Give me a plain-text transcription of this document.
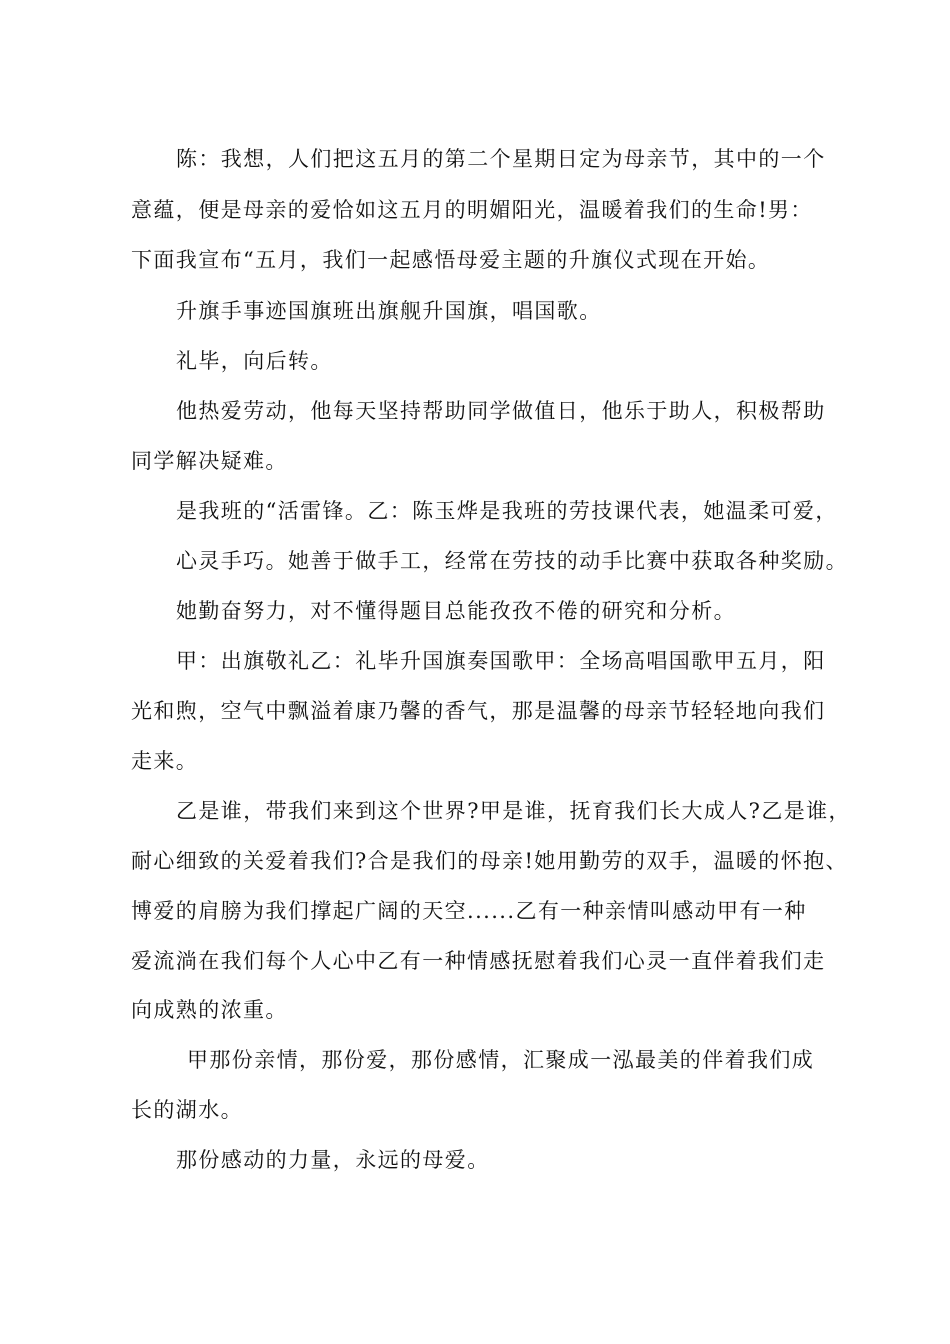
陈：我想，人们把这五月的第二个星期日定为母亲节，其中的一个
意蕴，便是母亲的爱恰如这五月的明媚阳光，温暖着我们的生命!男：
下面我宣布“五月，我们一起感悟母爱主题的升旗仪式现在开始。
升旗手事迹国旗班出旗舰升国旗，唱国歌。
礼毕，向后转。
他热爱劳动，他每天坚持帮助同学做值日，他乐于助人，积极帮助
同学解决疑难。
是我班的“活雷锋。乙：陈玉烨是我班的劳技课代表，她温柔可爱，
心灵手巧。她善于做手工，经常在劳技的动手比赛中获取各种奖励。
她勤奋努力，对不懂得题目总能孜孜不倦的研究和分析。
甲：出旗敬礼乙：礼毕升国旗奏国歌甲：全场高唱国歌甲五月，阳
光和煦，空气中飘溢着康乃馨的香气，那是温馨的母亲节轻轻地向我们
走来。
乙是谁，带我们来到这个世界?甲是谁，抚育我们长大成人?乙是谁，
耐心细致的关爱着我们?合是我们的母亲!她用勤劳的双手，温暖的怀抱、
博爱的肩膀为我们撑起广阔的天空......乙有一种亲情叫感动甲有一种
爱流淌在我们每个人心中乙有一种情感抚慰着我们心灵一直伴着我们走
向成熟的浓重。
甲那份亲情，那份爱，那份感情，汇聚成一泓最美的伴着我们成
长的湖水。
那份感动的力量，永远的母爱。
